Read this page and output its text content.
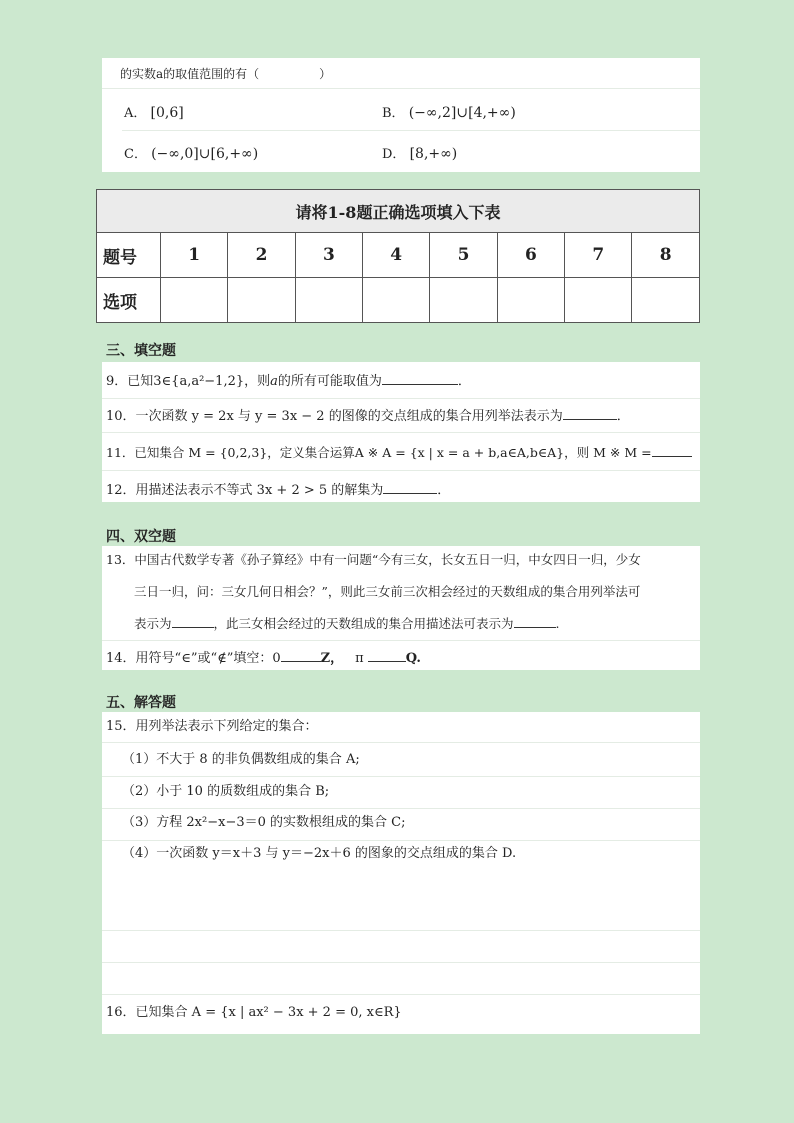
的实数a的取值范围的有（　　　　　）
A． [0,6]	B． (−∞,2]∪[4,+∞)
C． (−∞,0]∪[6,+∞)	D． [8,+∞)
请将1-8题正确选项填入下表								
题号	1	2	3	4	5	6	7	8
选项								
三、填空题
9．已知3∈{a,a²−1,2}，则a的所有可能取值为	．
10．一次函数 y = 2x 与 y = 3x − 2 的图像的交点组成的集合用列举法表示为	．
11．已知集合 M = {0,2,3}，定义集合运算A ※ A = {x | x = a + b,a∈A,b∈A}，则 M ※ M =
12．用描述法表示不等式 3x + 2 > 5 的解集为	．
四、双空题
13．中国古代数学专著《孙子算经》中有一问题“今有三女，长女五日一归，中女四日一归，少女
三日一归，问：三女几何日相会？”，则此三女前三次相会经过的天数组成的集合用列举法可
表示为	，此三女相会经过的天数组成的集合用描述法可表示为	.
14．用符号“∈”或“∉”填空：0	Z， π	Q.
五、解答题
15．用列举法表示下列给定的集合：
（1）不大于 8 的非负偶数组成的集合 A;
（2）小于 10 的质数组成的集合 B;
（3）方程 2x²−x−3＝0 的实数根组成的集合 C;
（4）一次函数 y＝x＋3 与 y＝−2x＋6 的图象的交点组成的集合 D.
16．已知集合 A = {x | ax² − 3x + 2 = 0, x∈R}
